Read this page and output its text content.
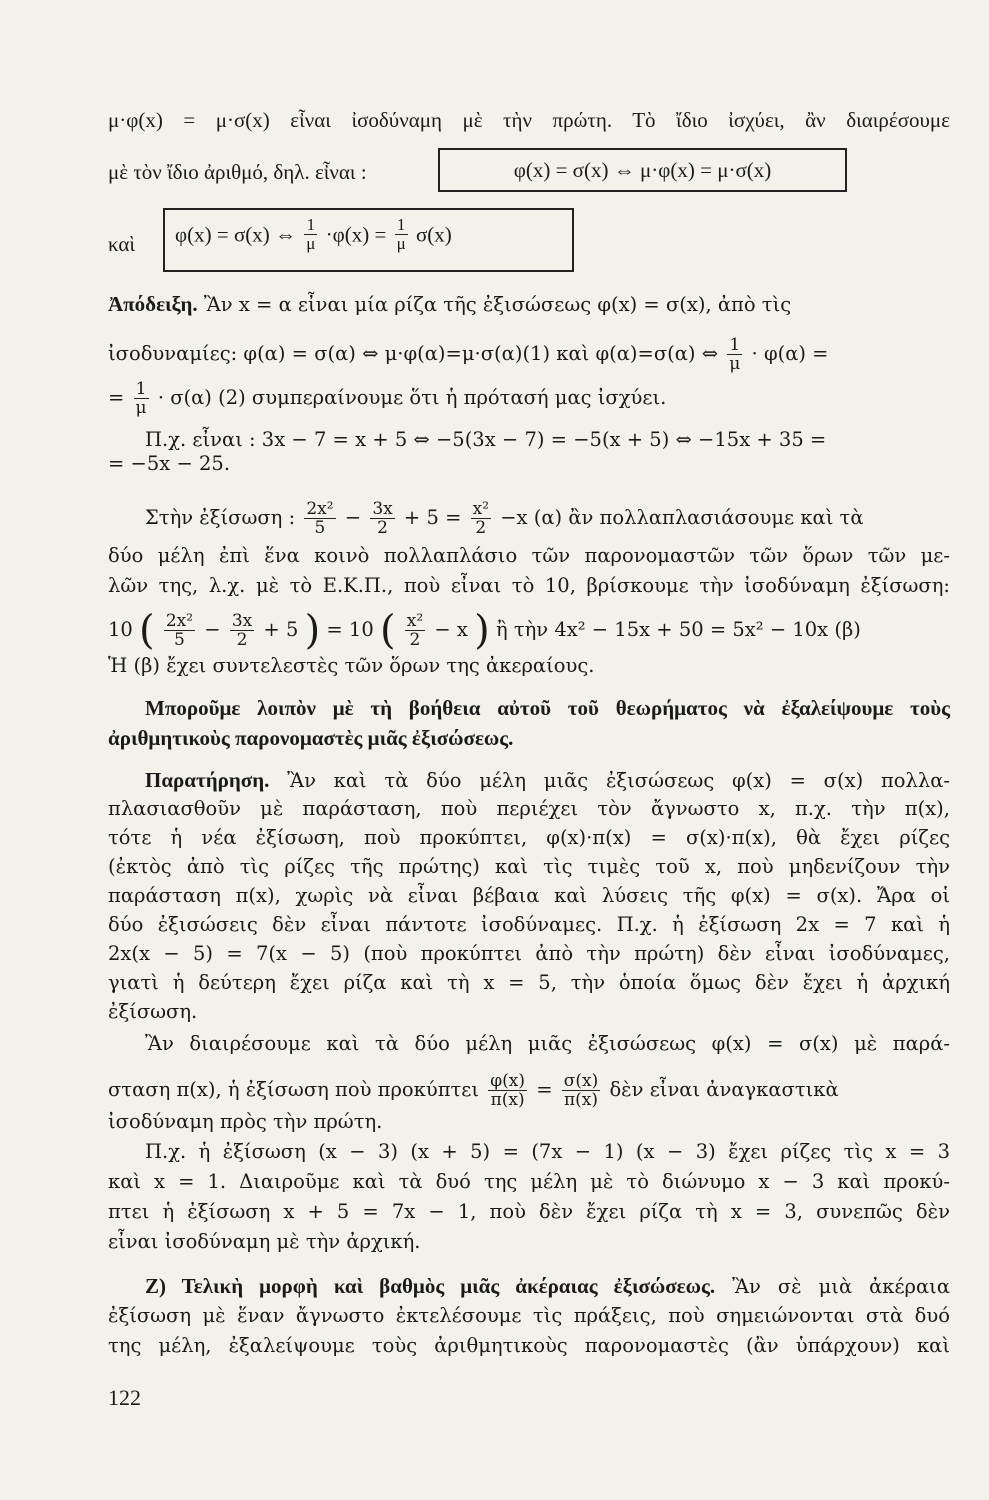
μ·φ(x) = μ·σ(x) εἶναι ἰσοδύναμη μὲ τὴν πρώτη. Τὸ ἴδιο ἰσχύει, ἂν διαιρέσουμε
μὲ τὸν ἴδιο ἀριθμό, δηλ. εἶναι :	φ(x) = σ(x) ⇔ μ·φ(x) = μ·σ(x)
καὶ	φ(x) = σ(x) ⇔ $\frac{1}{\mu} \cdot\varphi(x) = \frac{1}{\mu} \sigma(x)$
Ἀπόδειξη. Ἂν x = α εἶναι μία ρίζα τῆς ἐξισώσεως φ(x) = σ(x), ἀπὸ τὶς
ἰσοδυναμίες: φ(α) = σ(α) ⇔ μ·φ(α)=μ·σ(α)(1) καὶ φ(α)=σ(α) ⇔ $\frac{1}{\mu} \cdot \varphi(\alpha)$ =
= $\frac{1}{\mu} \cdot \sigma(\alpha)$ (2) συμπεραίνουμε ὅτι ἡ πρότασή μας ἰσχύει.
Π.χ. εἶναι : 3x − 7 = x + 5 ⇔ −5(3x − 7) = −5(x + 5) ⇔ −15x + 35 =
= −5x − 25.
Στὴν ἐξίσωση : $\frac{\text{2x²}}{5} - \frac{3x}{2} + 5 = \frac{\text{x²}}{2} -x$ (α) ἂν πολλαπλασιάσουμε καὶ τὰ
δύο μέλη ἐπὶ ἕνα κοινὸ πολλαπλάσιο τῶν παρονομαστῶν τῶν ὅρων τῶν με-
λῶν της, λ.χ. μὲ τὸ Ε.Κ.Π., ποὺ εἶναι τὸ 10, βρίσκουμε τὴν ἰσοδύναμη ἐξίσωση:
10 ( $\frac{\text{2x²}}{5} - \frac{3x}{2} + 5$ ) = 10 ( $\frac{\text{x²}}{2} - x$ ) ἢ τὴν 4x² − 15x + 50 = 5x² − 10x (β)
Ἡ (β) ἔχει συντελεστὲς τῶν ὅρων της ἀκεραίους.
Μποροῦμε λοιπὸν μὲ τὴ βοήθεια αὐτοῦ τοῦ θεωρήματος νὰ ἐξαλείψουμε τοὺς
ἀριθμητικοὺς παρονομαστὲς μιᾶς ἐξισώσεως.
Παρατήρηση. Ἂν καὶ τὰ δύο μέλη μιᾶς ἐξισώσεως φ(x) = σ(x) πολλα-
πλασιασθοῦν μὲ παράσταση, ποὺ περιέχει τὸν ἄγνωστο x, π.χ. τὴν π(x),
τότε ἡ νέα ἐξίσωση, ποὺ προκύπτει, φ(x)·π(x) = σ(x)·π(x), θὰ ἔχει ρίζες
(ἐκτὸς ἀπὸ τὶς ρίζες τῆς πρώτης) καὶ τὶς τιμὲς τοῦ x, ποὺ μηδενίζουν τὴν
παράσταση π(x), χωρὶς νὰ εἶναι βέβαια καὶ λύσεις τῆς φ(x) = σ(x). Ἄρα οἱ
δύο ἐξισώσεις δὲν εἶναι πάντοτε ἰσοδύναμες. Π.χ. ἡ ἐξίσωση 2x = 7 καὶ ἡ
2x(x − 5) = 7(x − 5) (ποὺ προκύπτει ἀπὸ τὴν πρώτη) δὲν εἶναι ἰσοδύναμες,
γιατὶ ἡ δεύτερη ἔχει ρίζα καὶ τὴ x = 5, τὴν ὁποία ὅμως δὲν ἔχει ἡ ἀρχική
ἐξίσωση.
Ἂν διαιρέσουμε καὶ τὰ δύο μέλη μιᾶς ἐξισώσεως φ(x) = σ(x) μὲ παρά-
σταση π(x), ἡ ἐξίσωση ποὺ προκύπτει $\frac{\varphi(x)}{\pi(x)} = \frac{\sigma(x)}{\pi(x)}$ δὲν εἶναι ἀναγκαστικὰ
ἰσοδύναμη πρὸς τὴν πρώτη.
Π.χ. ἡ ἐξίσωση (x − 3) (x + 5) = (7x − 1) (x − 3) ἔχει ρίζες τὶς x = 3
καὶ x = 1. Διαιροῦμε καὶ τὰ δυό της μέλη μὲ τὸ διώνυμο x − 3 καὶ προκύ-
πτει ἡ ἐξίσωση x + 5 = 7x − 1, ποὺ δὲν ἔχει ρίζα τὴ x = 3, συνεπῶς δὲν
εἶναι ἰσοδύναμη μὲ τὴν ἀρχική.
Ζ) Τελικὴ μορφὴ καὶ βαθμὸς μιᾶς ἀκέραιας ἐξισώσεως. Ἂν σὲ μιὰ ἀκέραια
ἐξίσωση μὲ ἕναν ἄγνωστο ἐκτελέσουμε τὶς πράξεις, ποὺ σημειώνονται στὰ δυό
της μέλη, ἐξαλείψουμε τοὺς ἀριθμητικοὺς παρονομαστὲς (ἂν ὑπάρχουν) καὶ
122
